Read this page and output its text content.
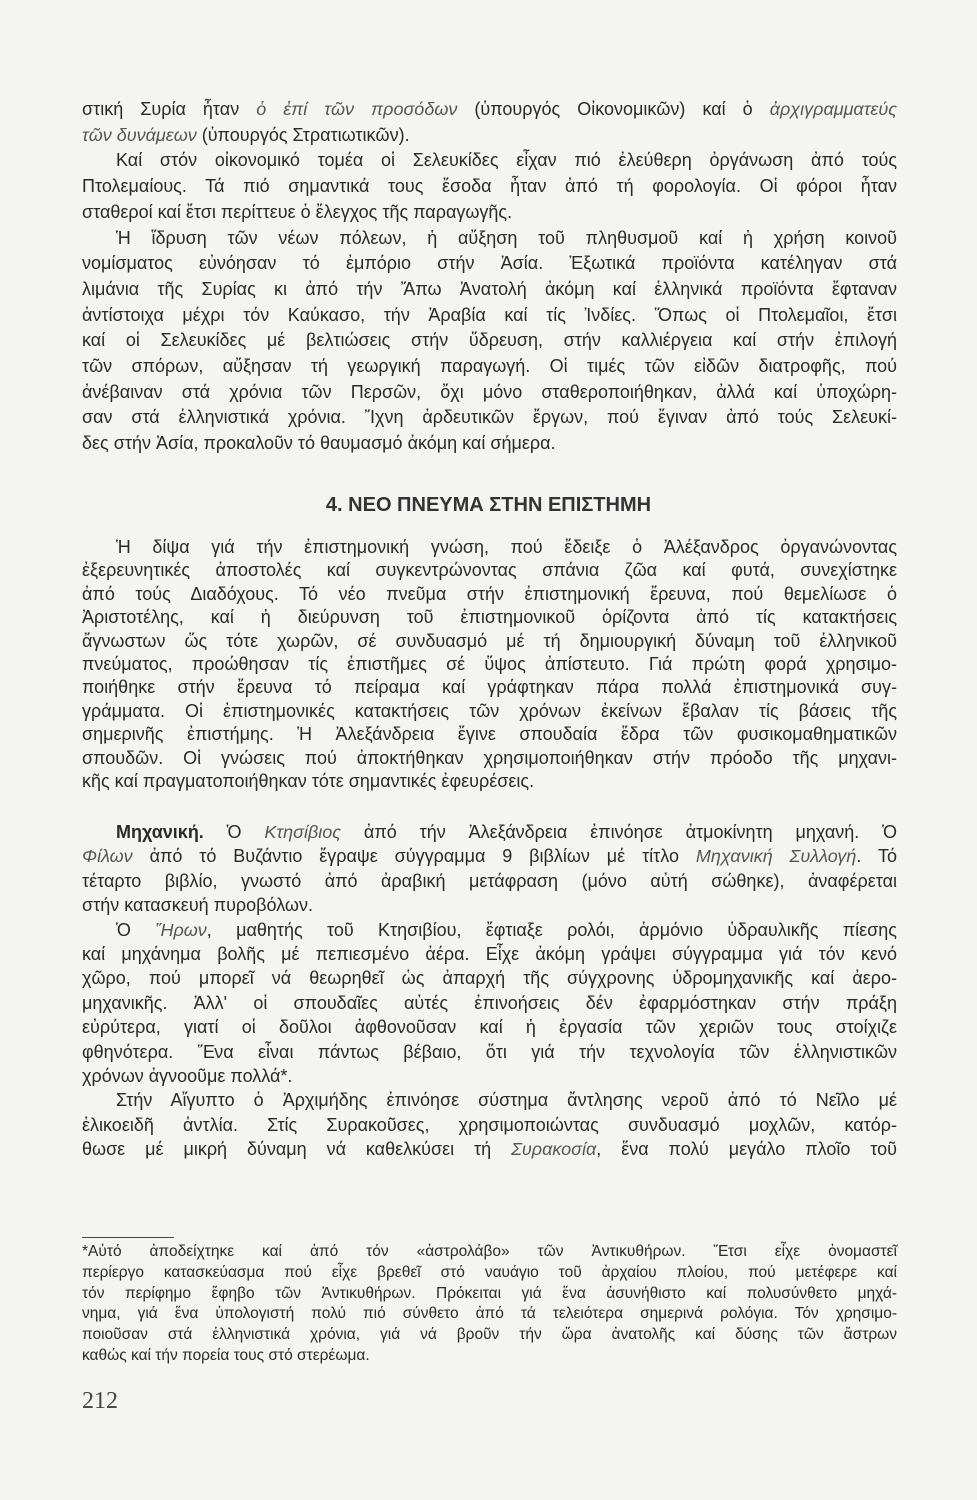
στική Συρία ἦταν ὁ ἐπί τῶν προσόδων (ὑπουργός Οἰκονομικῶν) καί ὁ ἀρχιγραμματεύς
τῶν δυνάμεων (ὑπουργός Στρατιωτικῶν).
Καί στόν οἰκονομικό τομέα οἱ Σελευκίδες εἶχαν πιό ἐλεύθερη ὀργάνωση ἀπό τούς
Πτολεμαίους. Τά πιό σημαντικά τους ἔσοδα ἦταν ἀπό τή φορολογία. Οἱ φόροι ἦταν
σταθεροί καί ἔτσι περίττευε ὁ ἔλεγχος τῆς παραγωγῆς.
Ἡ ἵδρυση τῶν νέων πόλεων, ἡ αὔξηση τοῦ πληθυσμοῦ καί ἡ χρήση κοινοῦ
νομίσματος εὐνόησαν τό ἐμπόριο στήν Ἀσία. Ἐξωτικά προϊόντα κατέληγαν στά
λιμάνια τῆς Συρίας κι ἀπό τήν Ἄπω Ἀνατολή ἀκόμη καί ἑλληνικά προϊόντα ἔφταναν
ἀντίστοιχα μέχρι τόν Καύκασο, τήν Ἀραβία καί τίς Ἰνδίες. Ὅπως οἱ Πτολεμαῖοι, ἔτσι
καί οἱ Σελευκίδες μέ βελτιώσεις στήν ὕδρευση, στήν καλλιέργεια καί στήν ἐπιλογή
τῶν σπόρων, αὔξησαν τή γεωργική παραγωγή. Οἱ τιμές τῶν εἰδῶν διατροφῆς, πού
ἀνέβαιναν στά χρόνια τῶν Περσῶν, ὄχι μόνο σταθεροποιήθηκαν, ἀλλά καί ὑποχώρη-
σαν στά ἑλληνιστικά χρόνια. Ἴχνη ἀρδευτικῶν ἔργων, πού ἔγιναν ἀπό τούς Σελευκί-
δες στήν Ἀσία, προκαλοῦν τό θαυμασμό ἀκόμη καί σήμερα.
4. ΝΕΟ ΠΝΕΥΜΑ ΣΤΗΝ ΕΠΙΣΤΗΜΗ
Ἡ δίψα γιά τήν ἐπιστημονική γνώση, πού ἔδειξε ὁ Ἀλέξανδρος ὀργανώνοντας
ἐξερευνητικές ἀποστολές καί συγκεντρώνοντας σπάνια ζῶα καί φυτά, συνεχίστηκε
ἀπό τούς Διαδόχους. Τό νέο πνεῦμα στήν ἐπιστημονική ἔρευνα, πού θεμελίωσε ὁ
Ἀριστοτέλης, καί ἡ διεύρυνση τοῦ ἐπιστημονικοῦ ὁρίζοντα ἀπό τίς κατακτήσεις
ἄγνωστων ὥς τότε χωρῶν, σέ συνδυασμό μέ τή δημιουργική δύναμη τοῦ ἑλληνικοῦ
πνεύματος, προώθησαν τίς ἐπιστῆμες σέ ὕψος ἀπίστευτο. Γιά πρώτη φορά χρησιμο-
ποιήθηκε στήν ἔρευνα τό πείραμα καί γράφτηκαν πάρα πολλά ἐπιστημονικά συγ-
γράμματα. Οἱ ἐπιστημονικές κατακτήσεις τῶν χρόνων ἐκείνων ἔβαλαν τίς βάσεις τῆς
σημερινῆς ἐπιστήμης. Ἡ Ἀλεξάνδρεια ἔγινε σπουδαία ἕδρα τῶν φυσικομαθηματικῶν
σπουδῶν. Οἱ γνώσεις πού ἀποκτήθηκαν χρησιμοποιήθηκαν στήν πρόοδο τῆς μηχανι-
κῆς καί πραγματοποιήθηκαν τότε σημαντικές ἐφευρέσεις.
Μηχανική. Ὁ Κτησίβιος ἀπό τήν Ἀλεξάνδρεια ἐπινόησε ἀτμοκίνητη μηχανή. Ὁ
Φίλων ἀπό τό Βυζάντιο ἔγραψε σύγγραμμα 9 βιβλίων μέ τίτλο Μηχανική Συλλογή. Τό
τέταρτο βιβλίο, γνωστό ἀπό ἀραβική μετάφραση (μόνο αὐτή σώθηκε), ἀναφέρεται
στήν κατασκευή πυροβόλων.
Ὁ Ἥρων, μαθητής τοῦ Κτησιβίου, ἔφτιαξε ρολόι, ἁρμόνιο ὑδραυλικῆς πίεσης
καί μηχάνημα βολῆς μέ πεπιεσμένο ἀέρα. Εἶχε ἀκόμη γράψει σύγγραμμα γιά τόν κενό
χῶρο, πού μπορεῖ νά θεωρηθεῖ ὡς ἀπαρχή τῆς σύγχρονης ὑδρομηχανικῆς καί ἀερο-
μηχανικῆς. Ἀλλ' οἱ σπουδαῖες αὐτές ἐπινοήσεις δέν ἐφαρμόστηκαν στήν πράξη
εὐρύτερα, γιατί οἱ δοῦλοι ἀφθονοῦσαν καί ἡ ἐργασία τῶν χεριῶν τους στοίχιζε
φθηνότερα. Ἕνα εἶναι πάντως βέβαιο, ὅτι γιά τήν τεχνολογία τῶν ἑλληνιστικῶν
χρόνων ἀγνοοῦμε πολλά*.
Στήν Αἴγυπτο ὁ Ἀρχιμήδης ἐπινόησε σύστημα ἄντλησης νεροῦ ἀπό τό Νεῖλο μέ
ἑλικοειδῆ ἀντλία. Στίς Συρακοῦσες, χρησιμοποιώντας συνδυασμό μοχλῶν, κατόρ-
θωσε μέ μικρή δύναμη νά καθελκύσει τή Συρακοσία, ἕνα πολύ μεγάλο πλοῖο τοῦ
*Αὐτό ἀποδείχτηκε καί ἀπό τόν «ἀστρολάβο» τῶν Ἀντικυθήρων. Ἔτσι εἶχε ὀνομαστεῖ
περίεργο κατασκεύασμα πού εἶχε βρεθεῖ στό ναυάγιο τοῦ ἀρχαίου πλοίου, πού μετέφερε καί
τόν περίφημο ἔφηβο τῶν Ἀντικυθήρων. Πρόκειται γιά ἕνα ἀσυνήθιστο καί πολυσύνθετο μηχά-
νημα, γιά ἕνα ὑπολογιστή πολύ πιό σύνθετο ἀπό τά τελειότερα σημερινά ρολόγια. Τόν χρησιμο-
ποιοῦσαν στά ἑλληνιστικά χρόνια, γιά νά βροῦν τήν ὥρα ἀνατολῆς καί δύσης τῶν ἄστρων
καθώς καί τήν πορεία τους στό στερέωμα.
212
